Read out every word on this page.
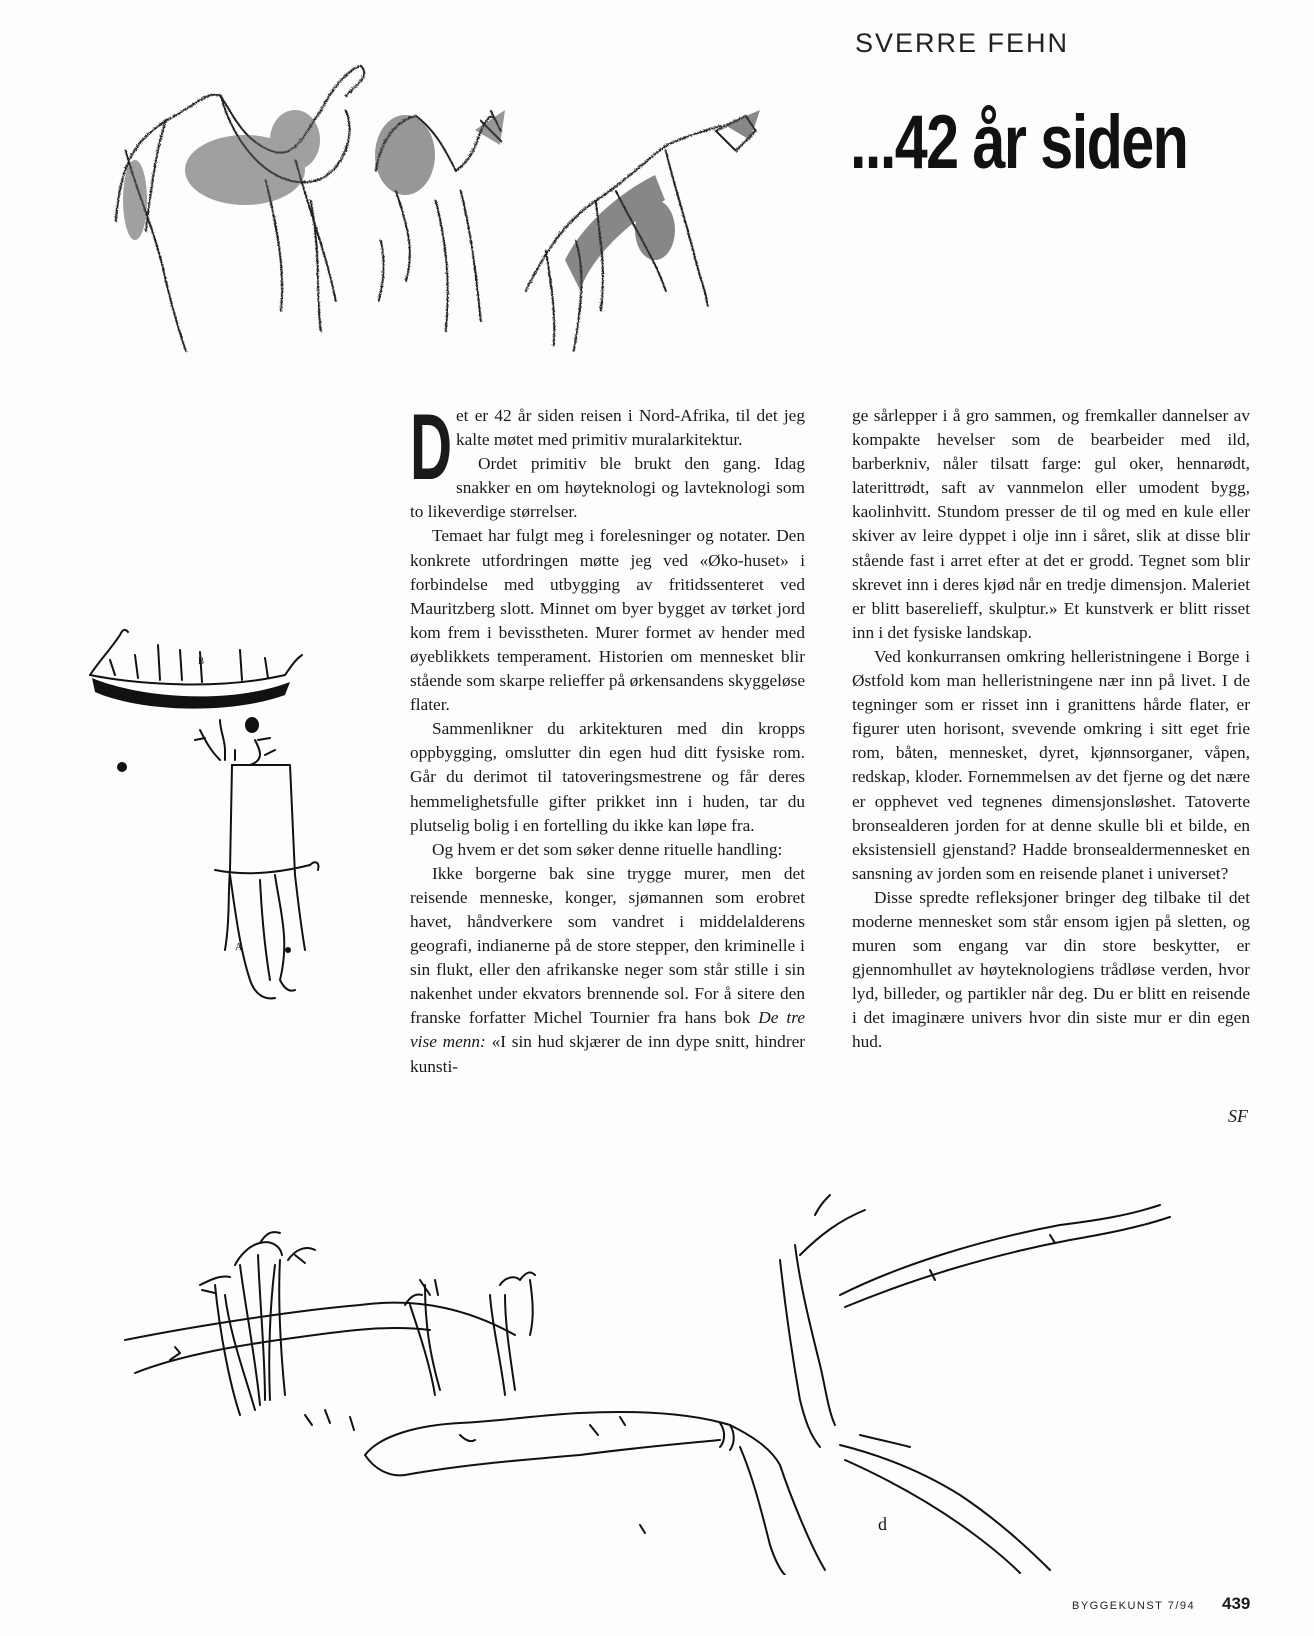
SVERRE FEHN
...42 år siden
B
A
d

Det er 42 år siden reisen i Nord-Afrika, til det jeg kalte møtet med primitiv muralarkitektur.

Ordet primitiv ble brukt den gang. Idag snakker en om høyteknologi og lavteknologi som to likeverdige størrelser.

Temaet har fulgt meg i forelesninger og notater. Den konkrete utfordringen møtte jeg ved «Øko-huset» i forbindelse med utbygging av fritidssenteret ved Mauritzberg slott. Minnet om byer bygget av tørket jord kom frem i bevisstheten. Murer formet av hender med øyeblikkets temperament. Historien om mennesket blir stående som skarpe relieffer på ørkensandens skyggeløse flater.

Sammenlikner du arkitekturen med din kropps oppbygging, omslutter din egen hud ditt fysiske rom. Går du derimot til tatoveringsmestrene og får deres hemmelighetsfulle gifter prikket inn i huden, tar du plutselig bolig i en fortelling du ikke kan løpe fra.

Og hvem er det som søker denne rituelle handling:

Ikke borgerne bak sine trygge murer, men det reisende menneske, konger, sjømannen som erobret havet, håndverkere som vandret i middelalderens geografi, indianerne på de store stepper, den kriminelle i sin flukt, eller den afrikanske neger som står stille i sin nakenhet under ekvators brennende sol. For å sitere den franske forfatter Michel Tournier fra hans bok De tre vise menn: «I sin hud skjærer de inn dype snitt, hindrer kunsti-

ge sårlepper i å gro sammen, og fremkaller dannelser av kompakte hevelser som de bearbeider med ild, barberkniv, nåler tilsatt farge: gul oker, hennarødt, laterittrødt, saft av vannmelon eller umodent bygg, kaolinhvitt. Stundom presser de til og med en kule eller skiver av leire dyppet i olje inn i såret, slik at disse blir stående fast i arret efter at det er grodd. Tegnet som blir skrevet inn i deres kjød når en tredje dimensjon. Maleriet er blitt baserelieff, skulptur.» Et kunstverk er blitt risset inn i det fysiske landskap.

Ved konkurransen omkring helleristningene i Borge i Østfold kom man helleristningene nær inn på livet. I de tegninger som er risset inn i granittens hårde flater, er figurer uten horisont, svevende omkring i sitt eget frie rom, båten, mennesket, dyret, kjønnsorganer, våpen, redskap, kloder. Fornemmelsen av det fjerne og det nære er opphevet ved tegnenes dimensjonsløshet. Tatoverte bronsealderen jorden for at denne skulle bli et bilde, en eksistensiell gjenstand? Hadde bronsealdermennesket en sansning av jorden som en reisende planet i universet?

Disse spredte refleksjoner bringer deg tilbake til det moderne mennesket som står ensom igjen på sletten, og muren som engang var din store beskytter, er gjennomhullet av høyteknologiens trådløse verden, hvor lyd, billeder, og partikler når deg. Du er blitt en reisende i det imaginære univers hvor din siste mur er din egen hud.

SF
BYGGEKUNST 7/94 439
